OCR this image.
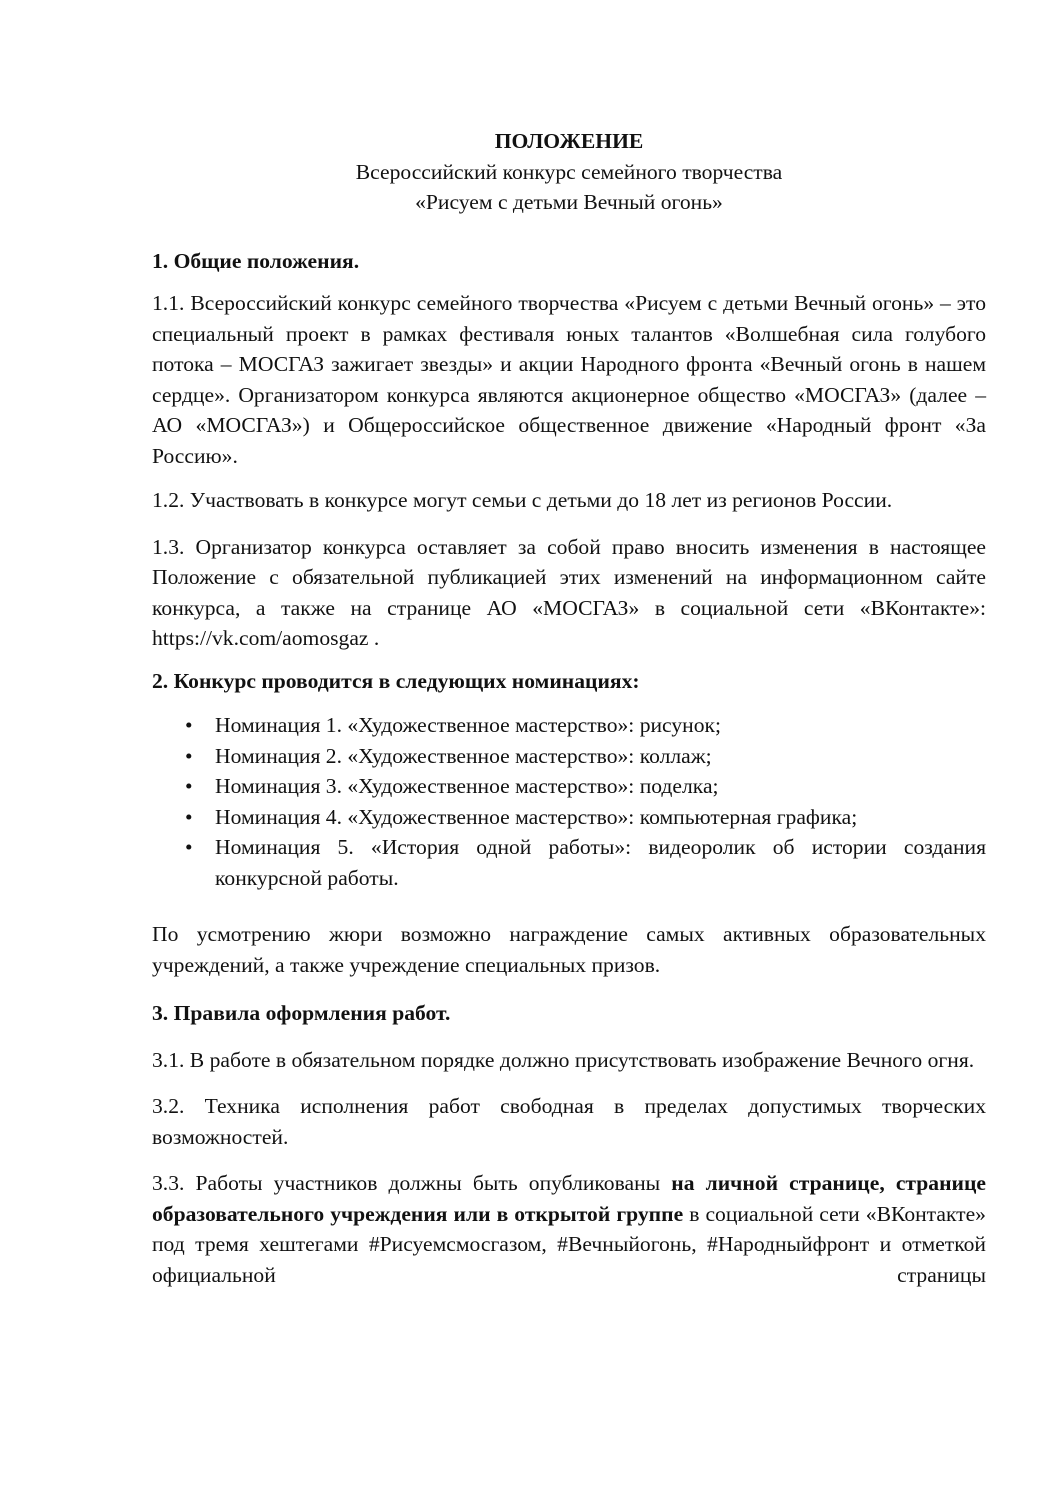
ПОЛОЖЕНИЕ

Всероссийский конкурс семейного творчества

«Рисуем с детьми Вечный огонь»

1. Общие положения.

1.1. Всероссийский конкурс семейного творчества «Рисуем с детьми Вечный огонь» – это специальный проект в рамках фестиваля юных талантов «Волшебная сила голубого потока – МОСГАЗ зажигает звезды» и акции Народного фронта «Вечный огонь в нашем сердце». Организатором конкурса являются акционерное общество «МОСГАЗ» (далее – АО «МОСГАЗ») и Общероссийское общественное движение «Народный фронт «За Россию».

1.2. Участвовать в конкурсе могут семьи с детьми до 18 лет из регионов России.

1.3. Организатор конкурса оставляет за собой право вносить изменения в настоящее Положение с обязательной публикацией этих изменений на информационном сайте конкурса, а также на странице АО «МОСГАЗ» в социальной сети «ВКонтакте»: https://vk.com/aomosgaz .

2. Конкурс проводится в следующих номинациях:

• Номинация 1. «Художественное мастерство»: рисунок;
• Номинация 2. «Художественное мастерство»: коллаж;
• Номинация 3. «Художественное мастерство»: поделка;
• Номинация 4. «Художественное мастерство»: компьютерная графика;
• Номинация 5. «История одной работы»: видеоролик об истории создания конкурсной работы.

По усмотрению жюри возможно награждение самых активных образовательных учреждений, а также учреждение специальных призов.

3. Правила оформления работ.

3.1. В работе в обязательном порядке должно присутствовать изображение Вечного огня.

3.2. Техника исполнения работ свободная в пределах допустимых творческих возможностей.

3.3. Работы участников должны быть опубликованы на личной странице, странице образовательного учреждения или в открытой группе в социальной сети «ВКонтакте» под тремя хештегами #Рисуемсмосгазом, #Вечныйогонь, #Народныйфронт и отметкой официальной страницы
